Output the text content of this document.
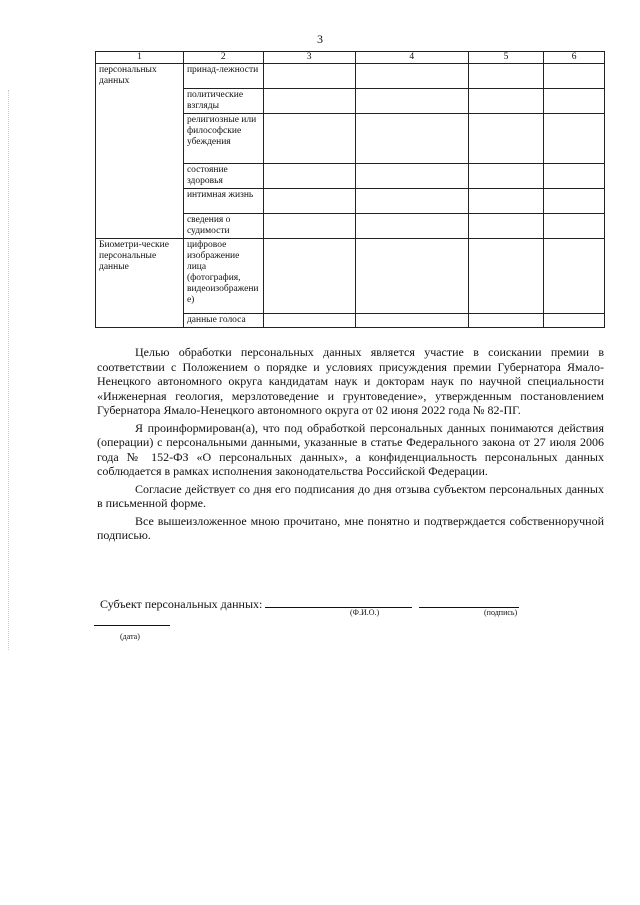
3
1	2	3	4	5	6
персональных данных	принад-лежности				
	политические взгляды				
	религиозные или философские убеждения				
	состояние здоровья				
	интимная жизнь				
	сведения о судимости				
Биометри-ческие персональные данные	цифровое изображение лица (фотография, видеоизображение)				
	данные голоса				

Целью обработки персональных данных является участие в соискании премии в соответствии с Положением о порядке и условиях присуждения премии Губернатора Ямало-Ненецкого автономного округа кандидатам наук и докторам наук по научной специальности «Инженерная геология, мерзлотоведение и грунтоведение», утвержденным постановлением Губернатора Ямало-Ненецкого автономного округа от 02 июня 2022 года № 82-ПГ.

Я проинформирован(а), что под обработкой персональных данных понимаются действия (операции) с персональными данными, указанные в статье Федерального закона от 27 июля 2006 года № 152-ФЗ «О персональных данных», а конфиденциальность персональных данных соблюдается в рамках исполнения законодательства Российской Федерации.

Согласие действует со дня его подписания до дня отзыва субъектом персональных данных в письменной форме.

Все вышеизложенное мною прочитано, мне понятно и подтверждается собственноручной подписью.

Субъект персональных данных:
(Ф.И.О.)	(подпись)
(дата)
